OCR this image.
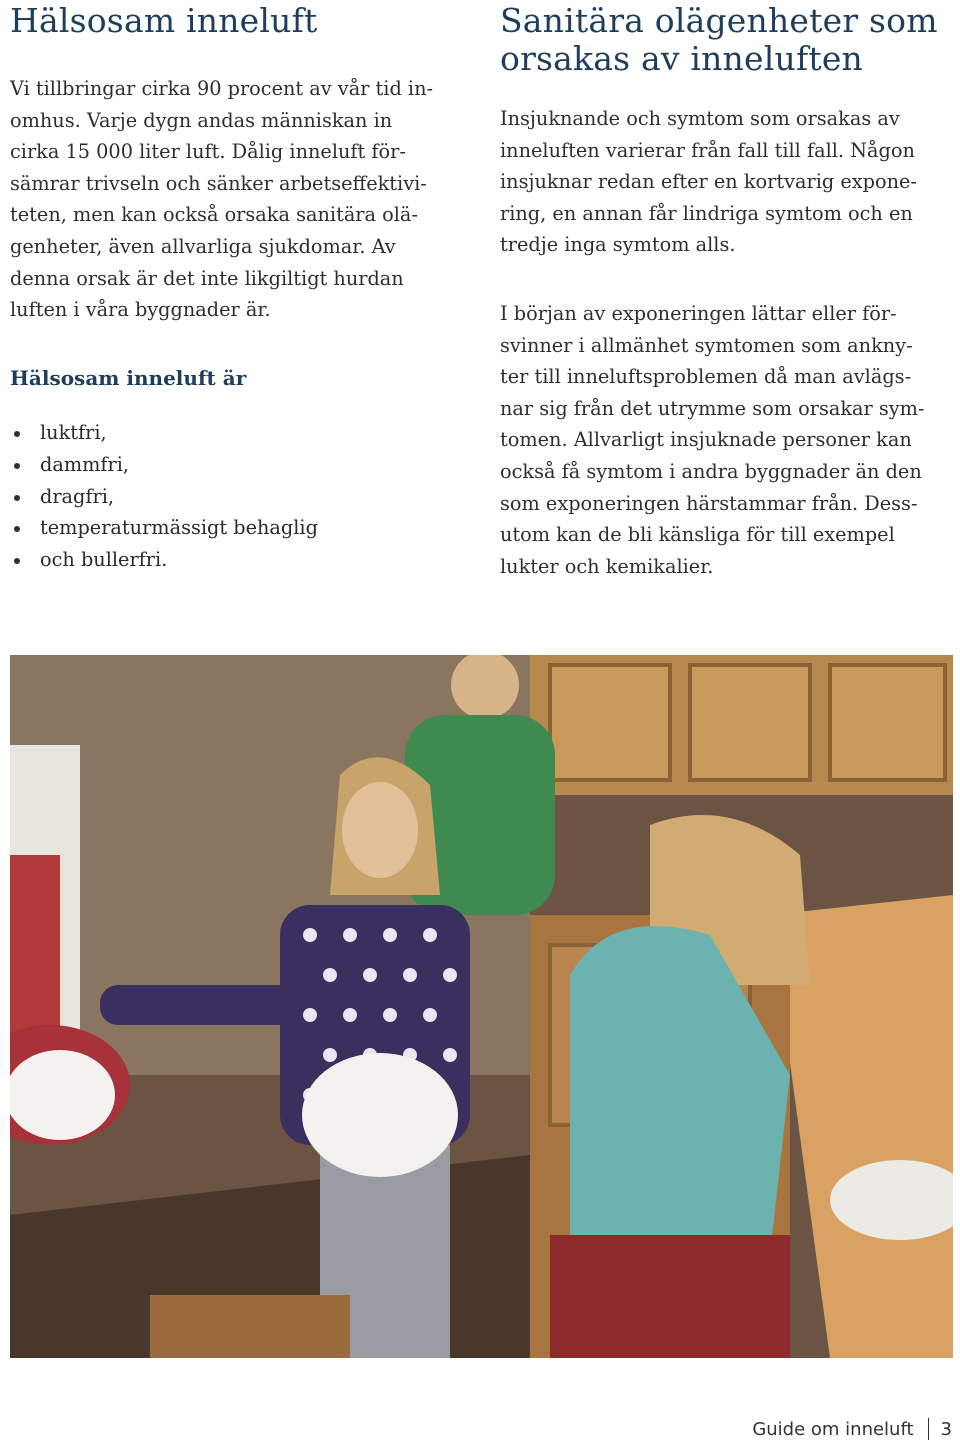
Hälsosam inneluft

Vi tillbringar cirka 90 procent av vår tid in-
omhus. Varje dygn andas människan in
cirka 15 000 liter luft. Dålig inneluft för-
sämrar trivseln och sänker arbetseffektivi-
teten, men kan också orsaka sanitära olä-
genheter, även allvarliga sjukdomar. Av
denna orsak är det inte likgiltigt hurdan
luften i våra byggnader är.

Hälsosam inneluft är
luktfri,
dammfri,
dragfri,
temperaturmässigt behaglig
och bullerfri.
Sanitära olägenheter som
orsakas av inneluften

Insjuknande och symtom som orsakas av
inneluften varierar från fall till fall. Någon
insjuknar redan efter en kortvarig expone-
ring, en annan får lindriga symtom och en
tredje inga symtom alls.

I början av exponeringen lättar eller för-
svinner i allmänhet symtomen som ankny-
ter till inneluftsproblemen då man avlägs-
nar sig från det utrymme som orsakar sym-
tomen. Allvarligt insjuknade personer kan
också få symtom i andra byggnader än den
som exponeringen härstammar från. Dess-
utom kan de bli känsliga för till exempel
lukter och kemikalier.

Guide om inneluft 3
